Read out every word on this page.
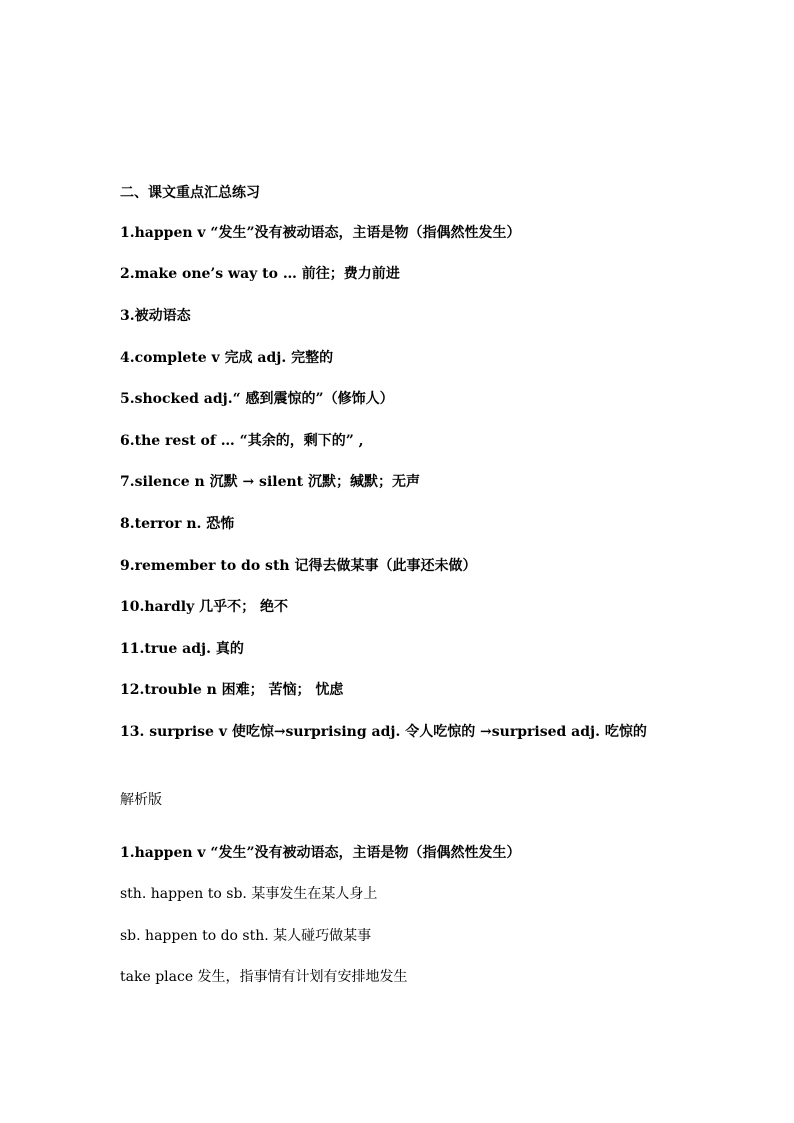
二、课文重点汇总练习
1.happen v “发生”没有被动语态，主语是物（指偶然性发生）
2.make one’s way to … 前往；费力前进
3.被动语态
4.complete v 完成 adj. 完整的
5.shocked adj.“ 感到震惊的”（修饰人）
6.the rest of … “其余的，剩下的” ,
7.silence n 沉默 → silent 沉默；缄默；无声
8.terror n. 恐怖
9.remember to do sth 记得去做某事（此事还未做）
10.hardly 几乎不； 绝不
11.true adj. 真的
12.trouble n 困难； 苦恼； 忧虑
13. surprise v 使吃惊→surprising adj. 令人吃惊的 →surprised adj. 吃惊的
解析版
1.happen v “发生”没有被动语态，主语是物（指偶然性发生）
sth. happen to sb. 某事发生在某人身上
sb. happen to do sth. 某人碰巧做某事
take place 发生，指事情有计划有安排地发生
